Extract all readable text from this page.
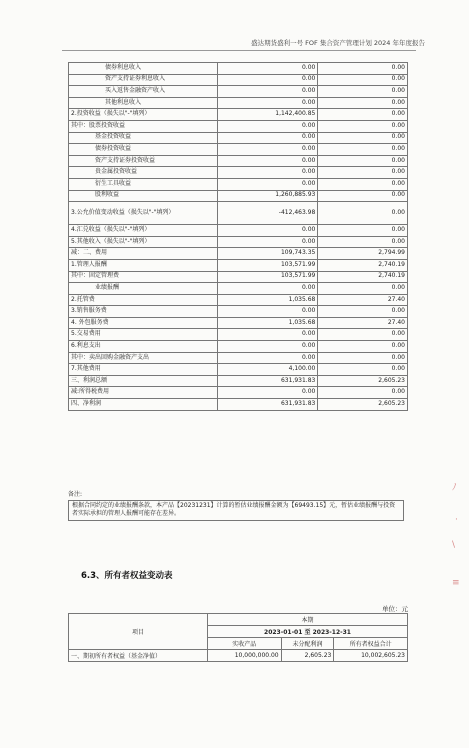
盛达期货盛利一号 FOF 集合资产管理计划 2024 年年度报告
债券利息收入	0.00	0.00
资产支持证券利息收入	0.00	0.00
买入返售金融资产收入	0.00	0.00
其他利息收入	0.00	0.00
2.投资收益（损失以"-"填列）	1,142,400.85	0.00
其中：股票投资收益	0.00	0.00
基金投资收益	0.00	0.00
债券投资收益	0.00	0.00
资产支持证券投资收益	0.00	0.00
贵金属投资收益	0.00	0.00
衍生工具收益	0.00	0.00
股利收益	1,260,885.93	0.00
3.公允价值变动收益（损失以"-"填列）	-412,463.98	0.00
4.汇兑收益（损失以"-"填列）	0.00	0.00
5.其他收入（损失以"-"填列）	0.00	0.00
减：二、费用	109,743.35	2,794.99
1.管理人报酬	103,571.99	2,740.19
其中：固定管理费	103,571.99	2,740.19
业绩报酬	0.00	0.00
2.托管费	1,035.68	27.40
3.销售服务费	0.00	0.00
4. 外包服务费	1,035.68	27.40
5.交易费用	0.00	0.00
6.利息支出	0.00	0.00
其中：卖出回购金融资产支出	0.00	0.00
7.其他费用	4,100.00	0.00
三、利润总额	631,931.83	2,605.23
减:所得税费用	0.00	0.00
四、净利润	631,931.83	2,605.23
备注:
根据合同约定的业绩报酬条款，本产品【20231231】计算的暂估业绩报酬金额为【69493.15】元，暂估业绩报酬与投资者实际承担的管理人报酬可能存在差异。
6.3、所有者权益变动表
单位：元
项目	本期		
	2023-01-01 至 2023-12-31		
	实收产品	未分配利润	所有者权益合计
一、期初所有者权益（基金净值）	10,000,000.00	2,605.23	10,002,605.23
ﾉ
·
\
≡
